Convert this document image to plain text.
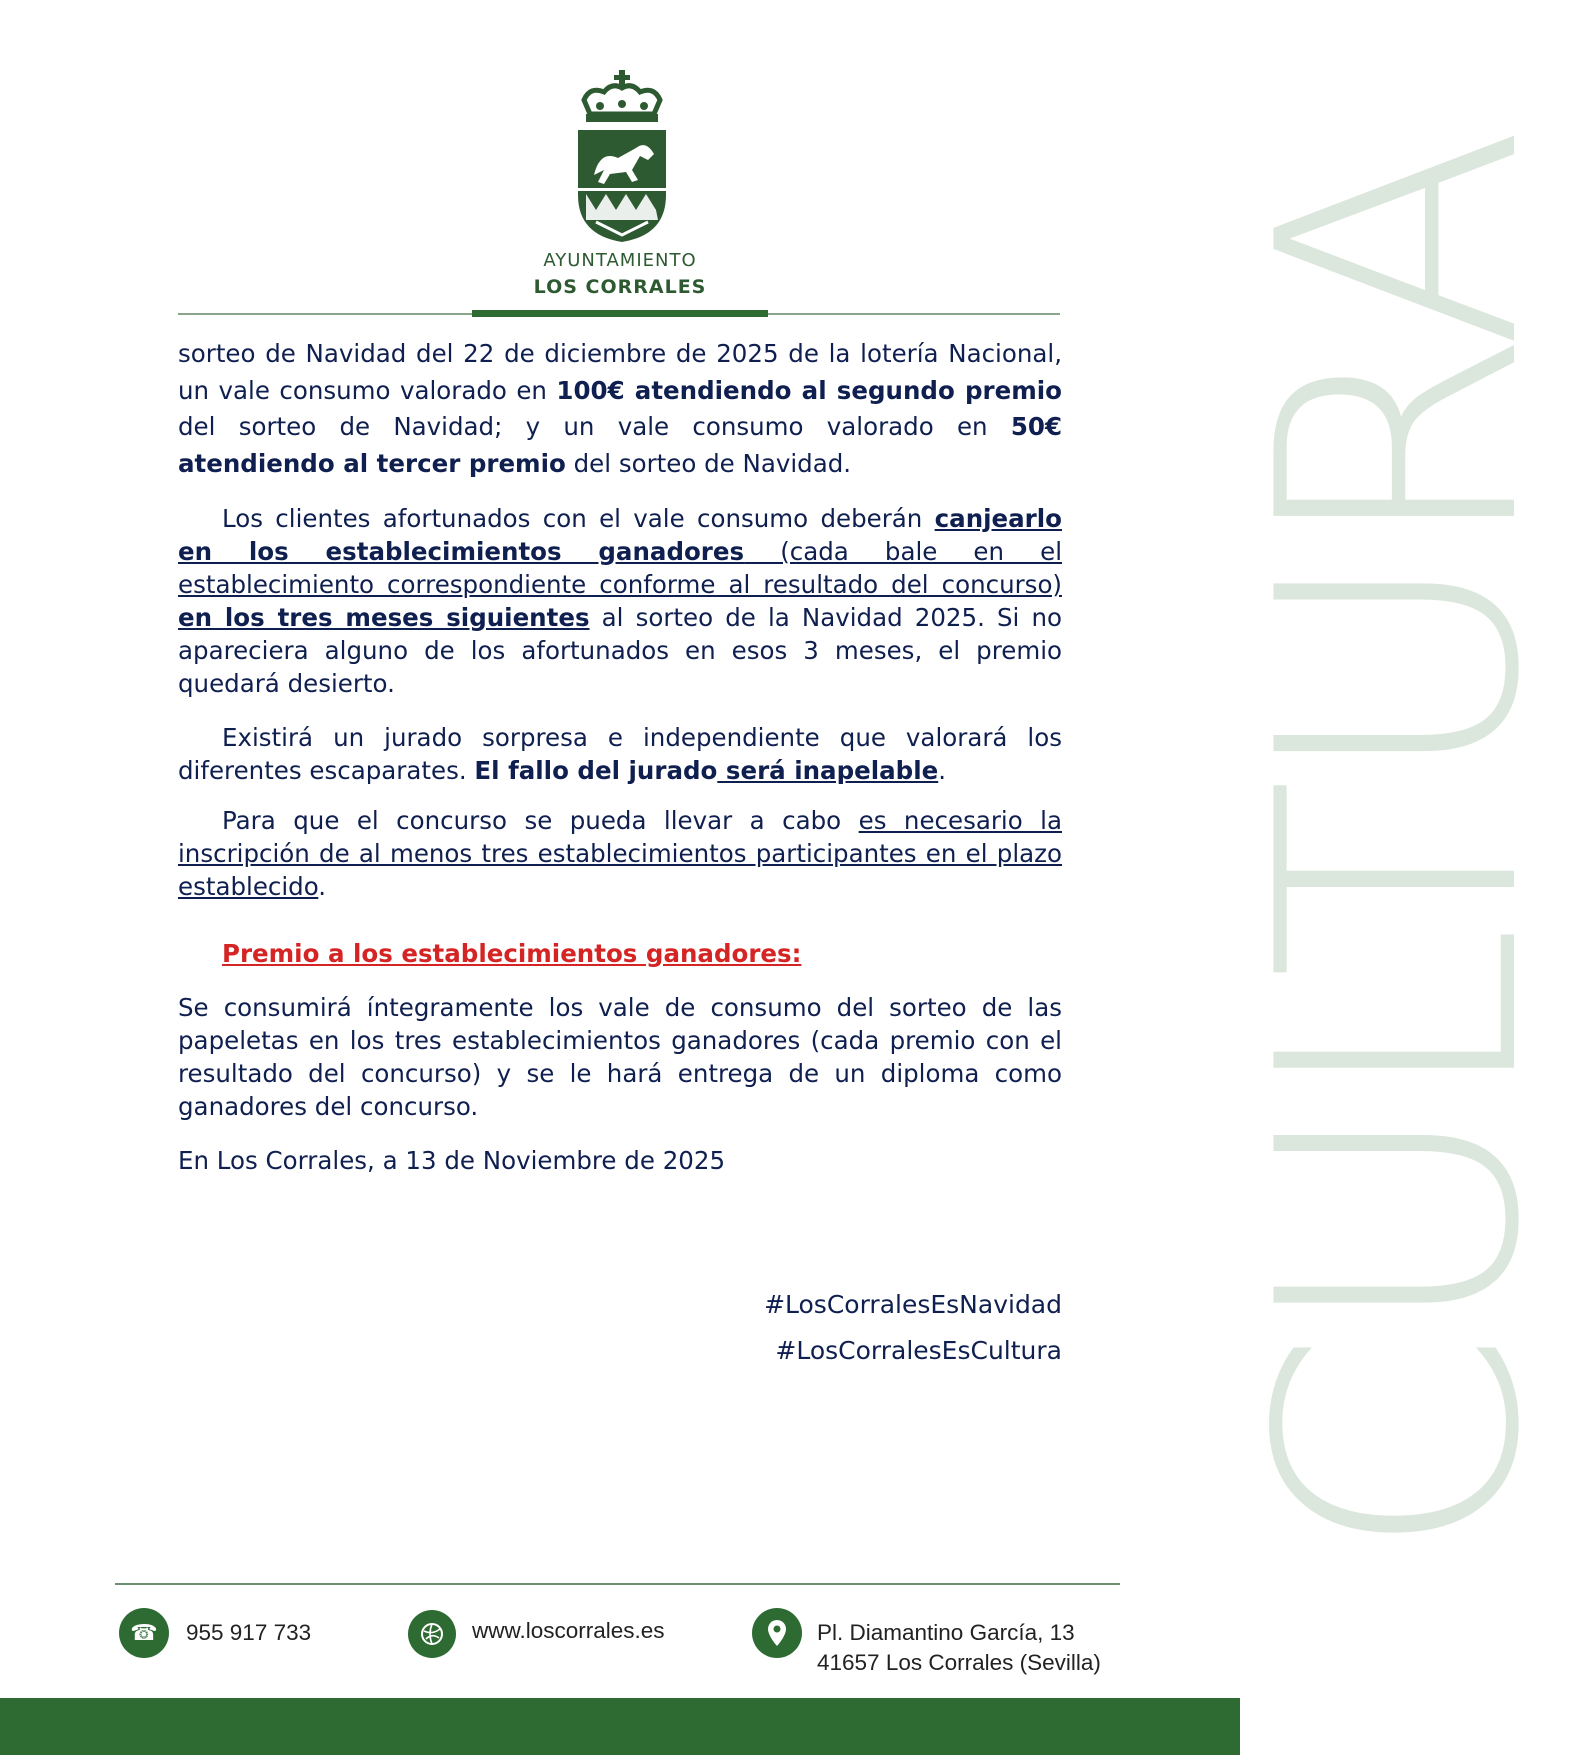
CULTURA
AYUNTAMIENTO
LOS CORRALES

sorteo de Navidad del 22 de diciembre de 2025 de la lotería Nacional, un vale consumo valorado en 100€ atendiendo al segundo premio del sorteo de Navidad; y un vale consumo valorado en 50€ atendiendo al tercer premio del sorteo de Navidad.

Los clientes afortunados con el vale consumo deberán canjearlo en los establecimientos ganadores (cada bale en el establecimiento correspondiente conforme al resultado del concurso) en los tres meses siguientes al sorteo de la Navidad 2025. Si no apareciera alguno de los afortunados en esos 3 meses, el premio quedará desierto.

Existirá un jurado sorpresa e independiente que valorará los diferentes escaparates. El fallo del jurado será inapelable.

Para que el concurso se pueda llevar a cabo es necesario la inscripción de al menos tres establecimientos participantes en el plazo establecido.

Premio a los establecimientos ganadores:

Se consumirá íntegramente los vale de consumo del sorteo de las papeletas en los tres establecimientos ganadores (cada premio con el resultado del concurso) y se le hará entrega de un diploma como ganadores del concurso.

En Los Corrales, a 13 de Noviembre de 2025

#LosCorralesEsNavidad
#LosCorralesEsCultura
☎	955 917 733	www.loscorrales.es	Pl. Diamantino García, 13
41657 Los Corrales (Sevilla)
